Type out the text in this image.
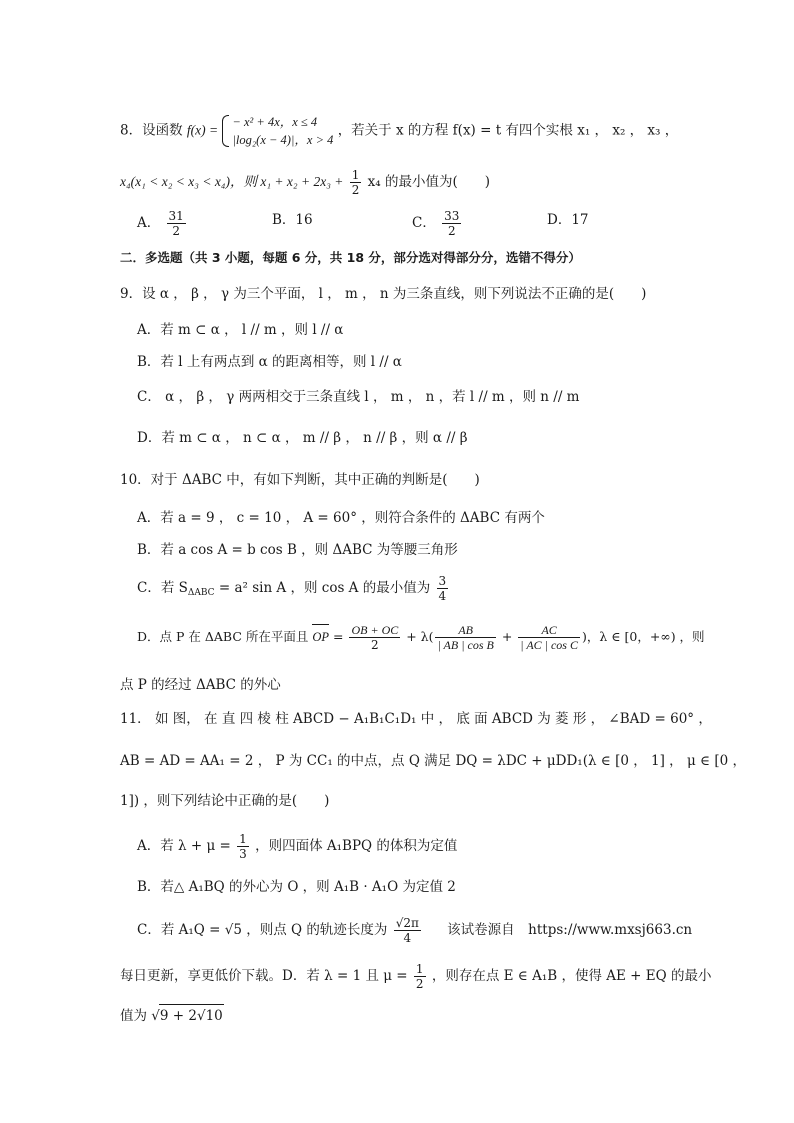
8．设函数 f(x) =
− x² + 4x，x ≤ 4
|log₂(x − 4)|，x > 4
，若关于 x 的方程 f(x) = t 有四个实根 x₁ ， x₂ ， x₃ ，
x₄(x₁ < x₂ < x₃ < x₄)，则 $x_1 + x_2 + 2x_3 + \frac{1}{2} x_4$ 的最小值为(　　)
A． $\frac{31}{2}$	B．16	C． $\frac{33}{2}$	D．17
二．多选题（共 3 小题，每题 6 分，共 18 分，部分选对得部分分，选错不得分）
9．设 α ， β ， γ 为三个平面， l ， m ， n 为三条直线，则下列说法不正确的是(　　)
A．若 m ⊂ α ， l // m ，则 l // α
B．若 l 上有两点到 α 的距离相等，则 l // α
C． α ， β ， γ 两两相交于三条直线 l ， m ， n ，若 l // m ，则 n // m
D．若 m ⊂ α ， n ⊂ α ， m // β ， n // β ，则 α // β
10．对于 ΔABC 中，有如下判断，其中正确的判断是(　　)
A．若 a = 9 ， c = 10 ， A = 60° ，则符合条件的 ΔABC 有两个
B．若 a cos A = b cos B ，则 ΔABC 为等腰三角形
C．若 $S_{\Delta ABC} = a^2$ sin A ，则 cos A 的最小值为 $\frac{3}{4}$
D．点 P 在 ΔABC 所在平面且 OP = $\frac{OB + OC}{2} + \lambda( \frac{AB}{\text{| AB | cos B}} + \frac{AC}{\text{| AC | cos C}}$ )，λ ∈ [0，+∞) ，则
点 P 的经过 ΔABC 的外心
11． 如 图， 在 直 四 棱 柱 ABCD − A₁B₁C₁D₁ 中 ， 底 面 ABCD 为 菱 形 ， ∠BAD = 60° ，
AB = AD = AA₁ = 2 ， P 为 CC₁ 的中点，点 Q 满足 DQ = λDC + μDD₁(λ ∈ [0 ， 1] ， μ ∈ [0 ，
1]) ，则下列结论中正确的是(　　)
A．若 $\lambda + \mu = \frac{1}{3}$ ，则四面体 A₁BPQ 的体积为定值
B．若△ A₁BQ 的外心为 O ，则 A₁B · A₁O 为定值 2
C．若 A₁Q = √5 ，则点 Q 的轨迹长度为 $\frac{√2\pi}{4}$ 该试卷源自　https://www.mxsj663.cn
每日更新，享更低价下载。D．若 λ = 1 且 $\mu = \frac{1}{2}$ ，则存在点 E ∈ A₁B ，使得 AE + EQ 的最小
值为 √9 + 2√10
